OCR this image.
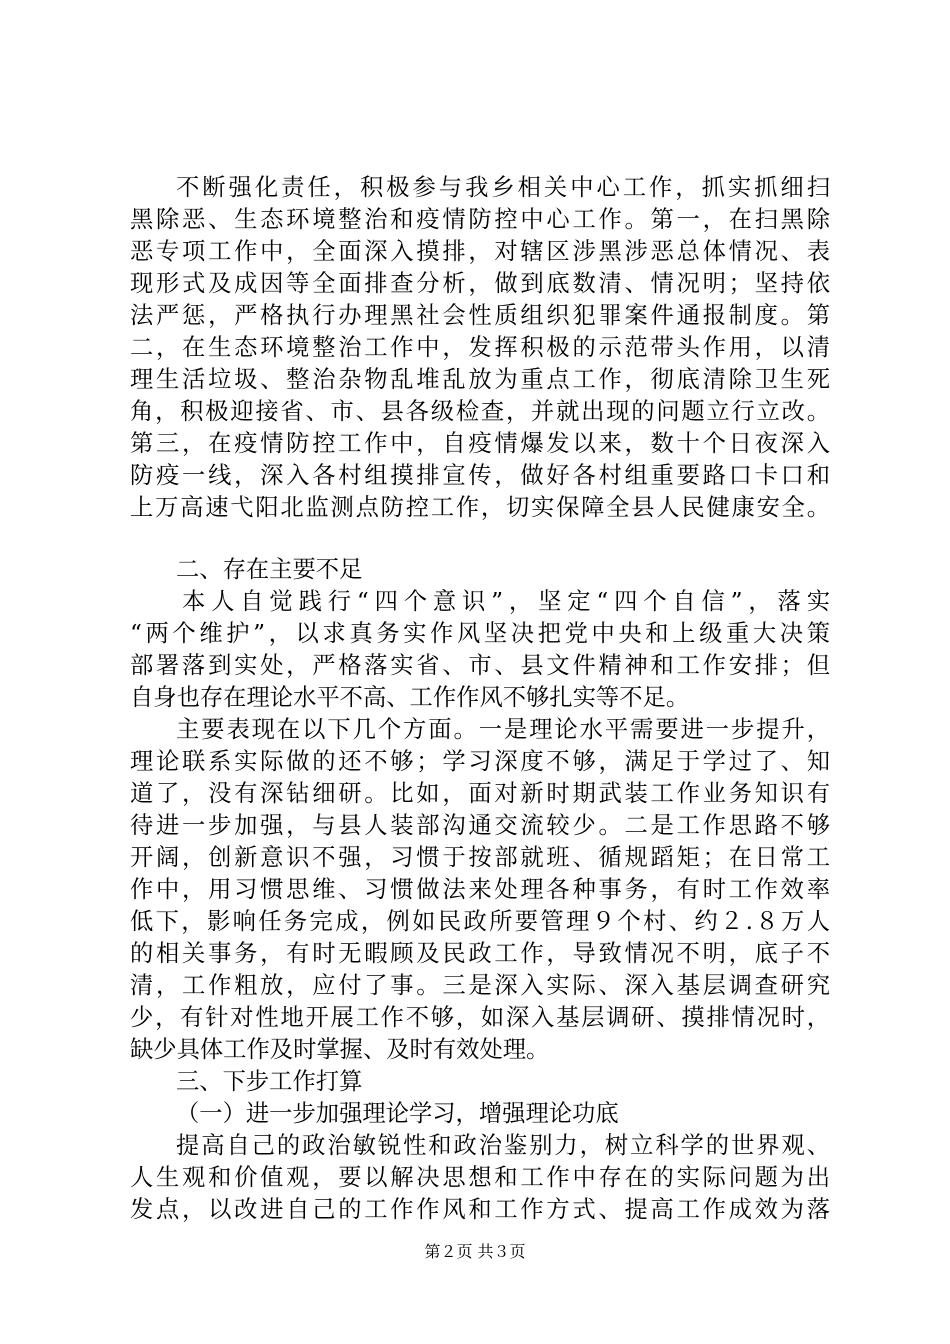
不断强化责任，积极参与我乡相关中心工作，抓实抓细扫
黑除恶、生态环境整治和疫情防控中心工作。第一，在扫黑除
恶专项工作中，全面深入摸排，对辖区涉黑涉恶总体情况、表
现形式及成因等全面排查分析，做到底数清、情况明；坚持依
法严惩，严格执行办理黑社会性质组织犯罪案件通报制度。第
二，在生态环境整治工作中，发挥积极的示范带头作用，以清
理生活垃圾、整治杂物乱堆乱放为重点工作，彻底清除卫生死
角，积极迎接省、市、县各级检查，并就出现的问题立行立改。
第三，在疫情防控工作中，自疫情爆发以来，数十个日夜深入
防疫一线，深入各村组摸排宣传，做好各村组重要路口卡口和
上万高速弋阳北监测点防控工作，切实保障全县人民健康安全。
二、存在主要不足
本人自觉践行“四个意识”，坚定“四个自信”，落实
“两个维护”，以求真务实作风坚决把党中央和上级重大决策
部署落到实处，严格落实省、市、县文件精神和工作安排；但
自身也存在理论水平不高、工作作风不够扎实等不足。
主要表现在以下几个方面。一是理论水平需要进一步提升，
理论联系实际做的还不够；学习深度不够，满足于学过了、知
道了，没有深钻细研。比如，面对新时期武装工作业务知识有
待进一步加强，与县人装部沟通交流较少。二是工作思路不够
开阔，创新意识不强，习惯于按部就班、循规蹈矩；在日常工
作中，用习惯思维、习惯做法来处理各种事务，有时工作效率
低下，影响任务完成，例如民政所要管理９个村、约２.８万人
的相关事务，有时无暇顾及民政工作，导致情况不明，底子不
清，工作粗放，应付了事。三是深入实际、深入基层调查研究
少，有针对性地开展工作不够，如深入基层调研、摸排情况时，
缺少具体工作及时掌握、及时有效处理。
三、下步工作打算
（一）进一步加强理论学习，增强理论功底
提高自己的政治敏锐性和政治鉴别力，树立科学的世界观、
人生观和价值观，要以解决思想和工作中存在的实际问题为出
发点，以改进自己的工作作风和工作方式、提高工作成效为落
第２页 共３页
